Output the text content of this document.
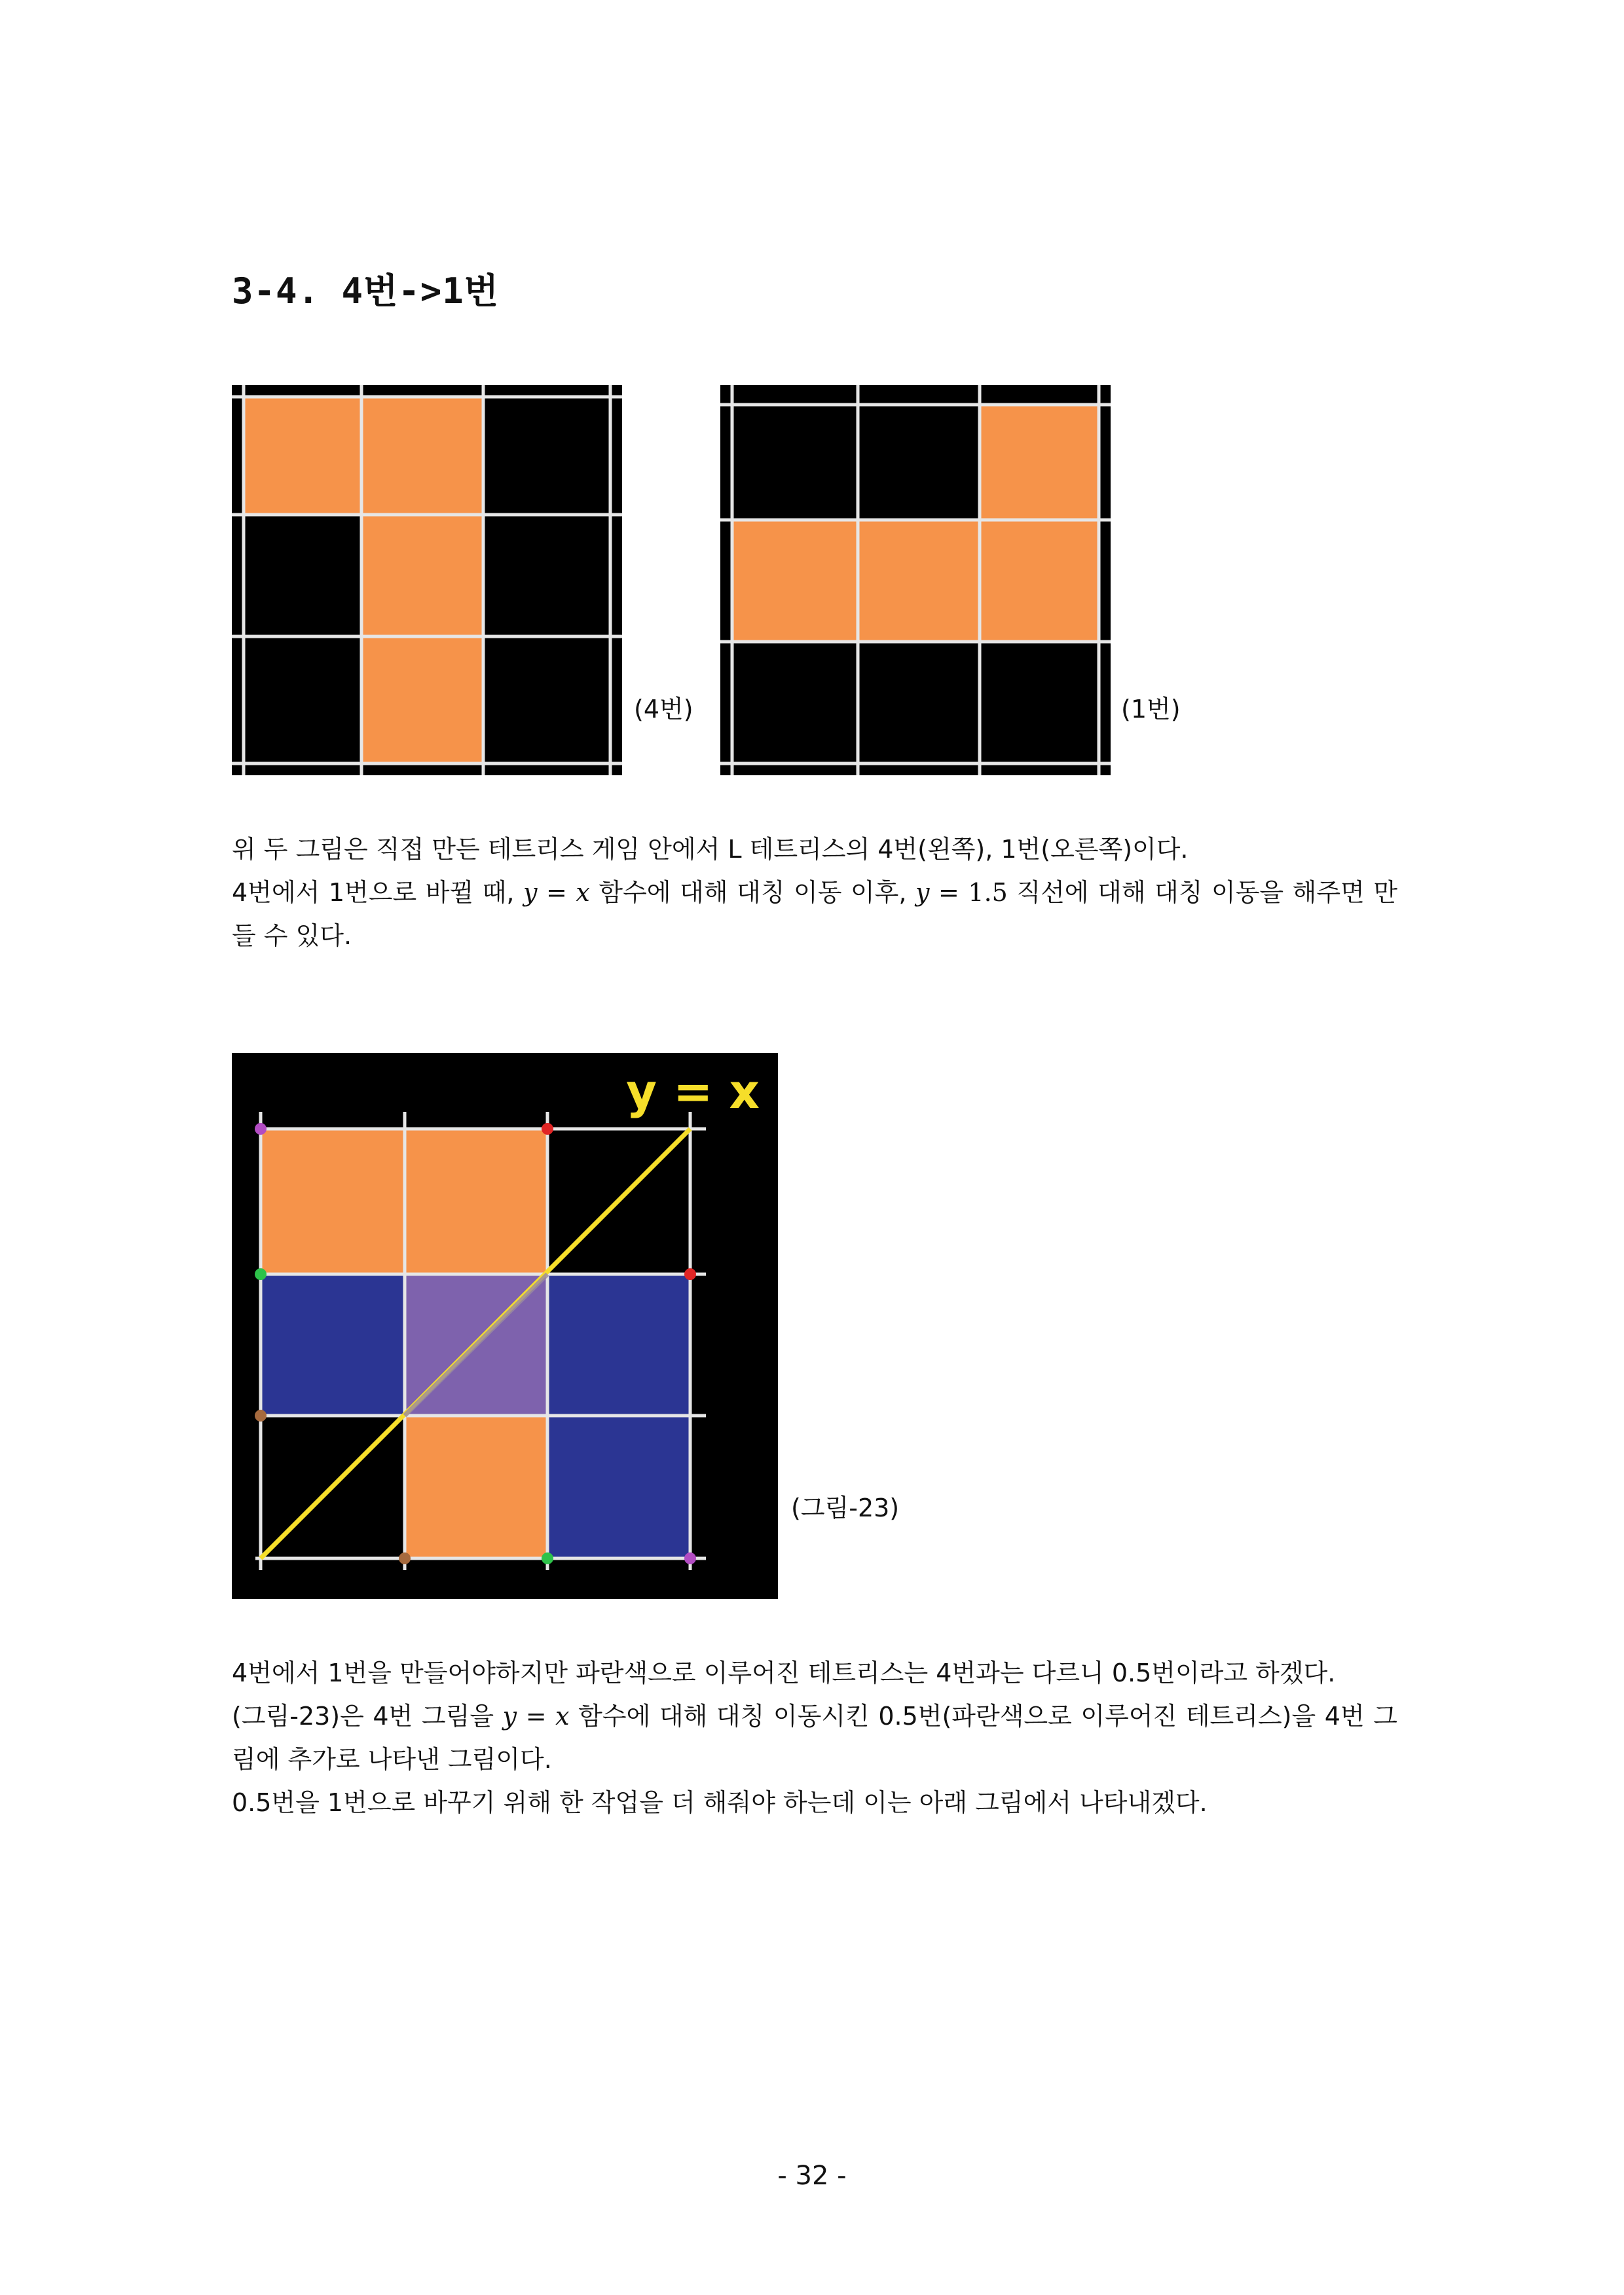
3-4. 4번->1번
(4번)	(1번)

위 두 그림은 직접 만든 테트리스 게임 안에서 L 테트리스의 4번(왼쪽), 1번(오른쪽)이다.

4번에서 1번으로 바뀔 때, y = x 함수에 대해 대칭 이동 이후, y = 1.5 직선에 대해 대칭 이동을 해주면 만들 수 있다.

y = x
(그림-23)

4번에서 1번을 만들어야하지만 파란색으로 이루어진 테트리스는 4번과는 다르니 0.5번이라고 하겠다.

(그림-23)은 4번 그림을 y = x 함수에 대해 대칭 이동시킨 0.5번(파란색으로 이루어진 테트리스)을 4번 그림에 추가로 나타낸 그림이다.

0.5번을 1번으로 바꾸기 위해 한 작업을 더 해줘야 하는데 이는 아래 그림에서 나타내겠다.

- 32 -
